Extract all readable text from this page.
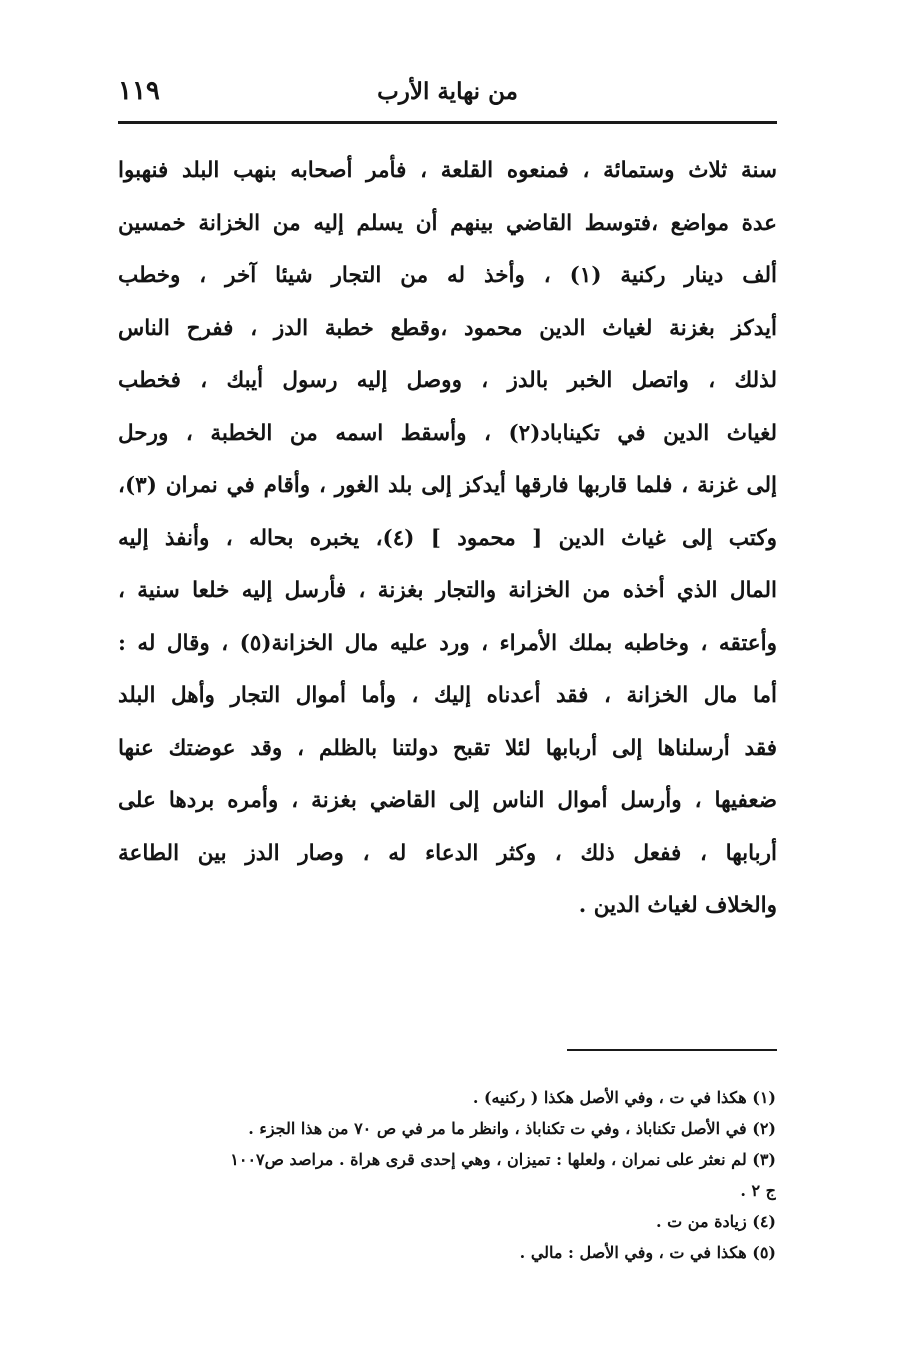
من نهاية الأرب
١١٩
سنة ثلاث وستمائة ، فمنعوه القلعة ، فأمر أصحابه بنهب البلد فنهبوا
عدة مواضع ،فتوسط القاضي بينهم أن يسلم إليه من الخزانة خمسين
ألف دينار ركنية (١) ، وأخذ له من التجار شيئا آخر ، وخطب
أيدكز بغزنة لغياث الدين محمود ،وقطع خطبة الدز ، ففرح الناس
لذلك ، واتصل الخبر بالدز ، ووصل إليه رسول أيبك ، فخطب
لغياث الدين في تكيناباد(٢) ، وأسقط اسمه من الخطبة ، ورحل
إلى غزنة ، فلما قاربها فارقها أيدكز إلى بلد الغور ، وأقام في نمران (٣)،
وكتب إلى غياث الدين [ محمود ] (٤)، يخبره بحاله ، وأنفذ إليه
المال الذي أخذه من الخزانة والتجار بغزنة ، فأرسل إليه خلعا سنية ،
وأعتقه ، وخاطبه بملك الأمراء ، ورد عليه مال الخزانة(٥) ، وقال له :
أما مال الخزانة ، فقد أعدناه إليك ، وأما أموال التجار وأهل البلد
فقد أرسلناها إلى أربابها لئلا تقبح دولتنا بالظلم ، وقد عوضتك عنها
ضعفيها ، وأرسل أموال الناس إلى القاضي بغزنة ، وأمره بردها على
أربابها ، ففعل ذلك ، وكثر الدعاء له ، وصار الدز بين الطاعة
والخلاف لغياث الدين .
(١) هكذا في ت ، وفي الأصل هكذا ( ركنيه) .
(٢) في الأصل تكناباذ ، وفي ت تكناباذ ، وانظر ما مر في ص ٧٠ من هذا الجزء .
(٣) لم نعثر على نمران ، ولعلها : تميزان ، وهي إحدى قرى هراة . مراصد ص١٠٠٧
ج ٢ .
(٤) زيادة من ت .
(٥) هكذا في ت ، وفي الأصل : مالي .
